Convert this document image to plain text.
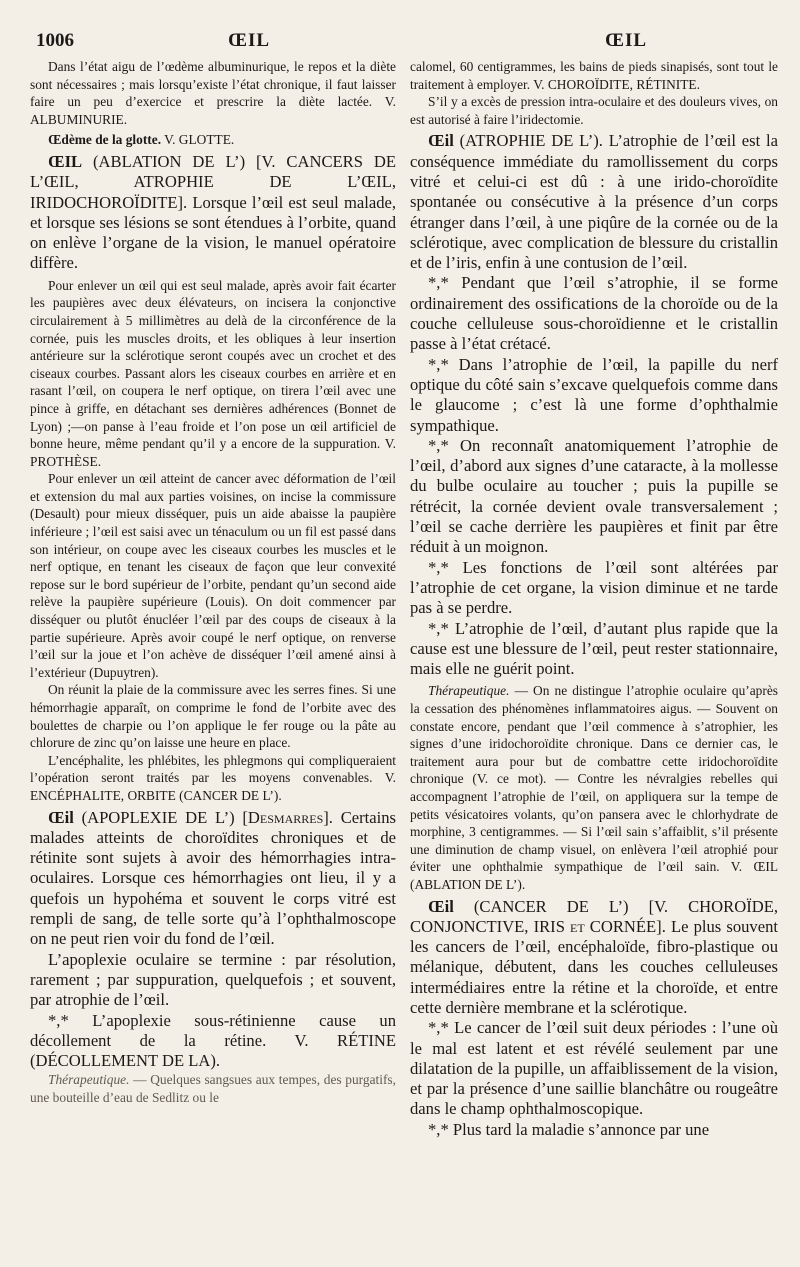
1006	ŒIL	ŒIL

Dans l’état aigu de l’œdème albuminurique, le repos et la diète sont nécessaires ; mais lorsqu’existe l’état chronique, il faut laisser faire un peu d’exercice et prescrire la diète lactée. V. ALBUMINURIE.

Œdème de la glotte. V. GLOTTE.

ŒIL (ABLATION DE L’) [V. CANCERS DE L’ŒIL, ATROPHIE DE L’ŒIL, IRIDOCHOROÏDITE]. Lorsque l’œil est seul malade, et lorsque ses lésions se sont étendues à l’orbite, quand on enlève l’organe de la vision, le manuel opératoire diffère.

Pour enlever un œil qui est seul malade, après avoir fait écarter les paupières avec deux élévateurs, on incisera la conjonctive circulairement à 5 millimètres au delà de la circonférence de la cornée, puis les muscles droits, et les obliques à leur insertion antérieure sur la sclérotique seront coupés avec un crochet et des ciseaux courbes. Passant alors les ciseaux courbes en arrière et en rasant l’œil, on coupera le nerf optique, on tirera l’œil avec une pince à griffe, en détachant ses dernières adhérences (Bonnet de Lyon) ;—on panse à l’eau froide et l’on pose un œil artificiel de bonne heure, même pendant qu’il y a encore de la suppuration. V. PROTHÈSE.

Pour enlever un œil atteint de cancer avec déformation de l’œil et extension du mal aux parties voisines, on incise la commissure (Desault) pour mieux disséquer, puis un aide abaisse la paupière inférieure ; l’œil est saisi avec un ténaculum ou un fil est passé dans son intérieur, on coupe avec les ciseaux courbes les muscles et le nerf optique, en tenant les ciseaux de façon que leur convexité repose sur le bord supérieur de l’orbite, pendant qu’un second aide relève la paupière supérieure (Louis). On doit commencer par disséquer ou plutôt énucléer l’œil par des coups de ciseaux à la partie supérieure. Après avoir coupé le nerf optique, on renverse l’œil sur la joue et l’on achève de disséquer l’œil amené ainsi à l’extérieur (Dupuytren).

On réunit la plaie de la commissure avec les serres fines. Si une hémorrhagie apparaît, on comprime le fond de l’orbite avec des boulettes de charpie ou l’on applique le fer rouge ou la pâte au chlorure de zinc qu’on laisse une heure en place.

L’encéphalite, les phlébites, les phlegmons qui compliqueraient l’opération seront traités par les moyens convenables. V. ENCÉPHALITE, ORBITE (CANCER DE L’).

Œil (APOPLEXIE DE L’) [Desmarres]. Certains malades atteints de choroïdites chroniques et de rétinite sont sujets à avoir des hémorrhagies intra-oculaires. Lorsque ces hémorrhagies ont lieu, il y a quefois un hypohéma et souvent le corps vitré est rempli de sang, de telle sorte qu’à l’ophthalmoscope on ne peut rien voir du fond de l’œil.

L’apoplexie oculaire se termine : par résolution, rarement ; par suppuration, quelquefois ; et souvent, par atrophie de l’œil.

*,* L’apoplexie sous-rétinienne cause un décollement de la rétine. V. RÉTINE (DÉCOLLEMENT DE LA).

Thérapeutique. — Quelques sangsues aux tempes, des purgatifs, une bouteille d’eau de Sedlitz ou le

calomel, 60 centigrammes, les bains de pieds sinapisés, sont tout le traitement à employer. V. CHOROÏDITE, RÉTINITE.

S’il y a excès de pression intra-oculaire et des douleurs vives, on est autorisé à faire l’iridectomie.

Œil (ATROPHIE DE L’). L’atrophie de l’œil est la conséquence immédiate du ramollissement du corps vitré et celui-ci est dû : à une irido-choroïdite spontanée ou consécutive à la présence d’un corps étranger dans l’œil, à une piqûre de la cornée ou de la sclérotique, avec complication de blessure du cristallin et de l’iris, enfin à une contusion de l’œil.

*,* Pendant que l’œil s’atrophie, il se forme ordinairement des ossifications de la choroïde ou de la couche celluleuse sous-choroïdienne et le cristallin passe à l’état crétacé.

*,* Dans l’atrophie de l’œil, la papille du nerf optique du côté sain s’excave quelquefois comme dans le glaucome ; c’est là une forme d’ophthalmie sympathique.

*,* On reconnaît anatomiquement l’atrophie de l’œil, d’abord aux signes d’une cataracte, à la mollesse du bulbe oculaire au toucher ; puis la pupille se rétrécit, la cornée devient ovale transversalement ; l’œil se cache derrière les paupières et finit par être réduit à un moignon.

*,* Les fonctions de l’œil sont altérées par l’atrophie de cet organe, la vision diminue et ne tarde pas à se perdre.

*,* L’atrophie de l’œil, d’autant plus rapide que la cause est une blessure de l’œil, peut rester stationnaire, mais elle ne guérit point.

Thérapeutique. — On ne distingue l’atrophie oculaire qu’après la cessation des phénomènes inflammatoires aigus. — Souvent on constate encore, pendant que l’œil commence à s’atrophier, les signes d’une iridochoroïdite chronique. Dans ce dernier cas, le traitement aura pour but de combattre cette iridochoroïdite chronique (V. ce mot). — Contre les névralgies rebelles qui accompagnent l’atrophie de l’œil, on appliquera sur la tempe de petits vésicatoires volants, qu’on pansera avec le chlorhydrate de morphine, 3 centigrammes. — Si l’œil sain s’affaiblit, s’il présente une diminution de champ visuel, on enlèvera l’œil atrophié pour éviter une ophthalmie sympathique de l’œil sain. V. ŒIL (ABLATION DE L’).

Œil (CANCER DE L’) [V. CHOROÏDE, CONJONCTIVE, IRIS et CORNÉE]. Le plus souvent les cancers de l’œil, encéphaloïde, fibro-plastique ou mélanique, débutent, dans les couches celluleuses intermédiaires entre la rétine et la choroïde, et entre cette dernière membrane et la sclérotique.

*,* Le cancer de l’œil suit deux périodes : l’une où le mal est latent et est révélé seulement par une dilatation de la pupille, un affaiblissement de la vision, et par la présence d’une saillie blanchâtre ou rougeâtre dans le champ ophthalmoscopique.

*,* Plus tard la maladie s’annonce par une
